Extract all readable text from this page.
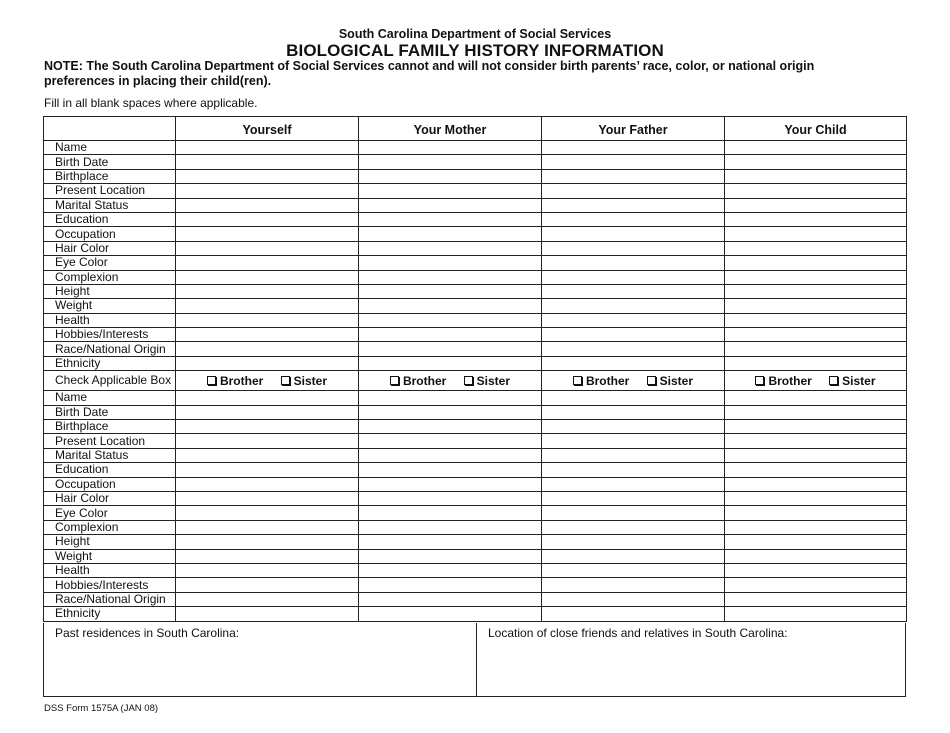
South Carolina Department of Social Services
BIOLOGICAL FAMILY HISTORY INFORMATION
NOTE: The South Carolina Department of Social Services cannot and will not consider birth parents’ race, color, or national origin preferences in placing their child(ren).
Fill in all blank spaces where applicable.
	Yourself	Your Mother	Your Father	Your Child
Name				
Birth Date				
Birthplace				
Present Location				
Marital Status				
Education				
Occupation				
Hair Color				
Eye Color				
Complexion				
Height				
Weight				
Health				
Hobbies/Interests				
Race/National Origin				
Ethnicity				
Check Applicable Box	Brother Sister	Brother Sister	Brother Sister	Brother Sister
Name				
Birth Date				
Birthplace				
Present Location				
Marital Status				
Education				
Occupation				
Hair Color				
Eye Color				
Complexion				
Height				
Weight				
Health				
Hobbies/Interests				
Race/National Origin				
Ethnicity				
Past residences in South Carolina:	Location of close friends and relatives in South Carolina:
DSS Form 1575A (JAN 08)
